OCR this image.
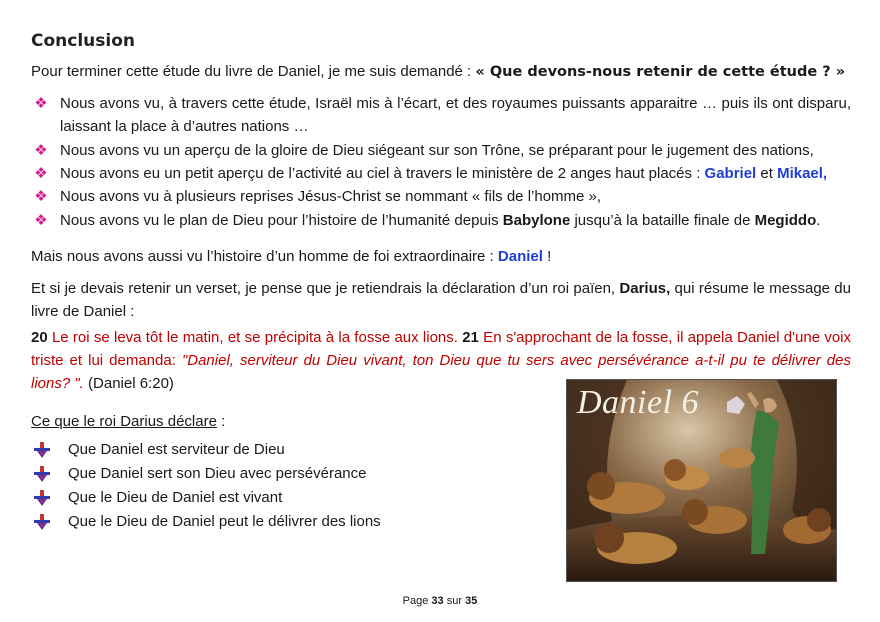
Conclusion
Pour terminer cette étude du livre de Daniel, je me suis demandé : « Que devons-nous retenir de cette étude ? »
❖ Nous avons vu, à travers cette étude, Israël mis à l’écart, et des royaumes puissants apparaitre … puis ils ont disparu, laissant la place à d’autres nations …
❖ Nous avons vu un aperçu de la gloire de Dieu siégeant sur son Trône, se préparant pour le jugement des nations,
❖ Nous avons eu un petit aperçu de l’activité au ciel à travers le ministère de 2 anges haut placés : Gabriel et Mikael,
❖ Nous avons vu à plusieurs reprises Jésus-Christ se nommant « fils de l’homme »,
❖ Nous avons vu le plan de Dieu pour l’histoire de l’humanité depuis Babylone jusqu’à la bataille finale de Megiddo.
Mais nous avons aussi vu l’histoire d’un homme de foi extraordinaire : Daniel !
Et si je devais retenir un verset, je pense que je retiendrais la déclaration d’un roi païen, Darius, qui résume le message du livre de Daniel :
20 Le roi se leva tôt le matin, et se précipita à la fosse aux lions. 21 En s'approchant de la fosse, il appela Daniel d'une voix triste et lui demanda: "Daniel, serviteur du Dieu vivant, ton Dieu que tu sers avec persévérance a-t-il pu te délivrer des lions? ". (Daniel 6:20)
Ce que le roi Darius déclare :
Que Daniel est serviteur de Dieu
Que Daniel sert son Dieu avec persévérance
Que le Dieu de Daniel est vivant
Que le Dieu de Daniel peut le délivrer des lions
Daniel 6
Page 33 sur 35
